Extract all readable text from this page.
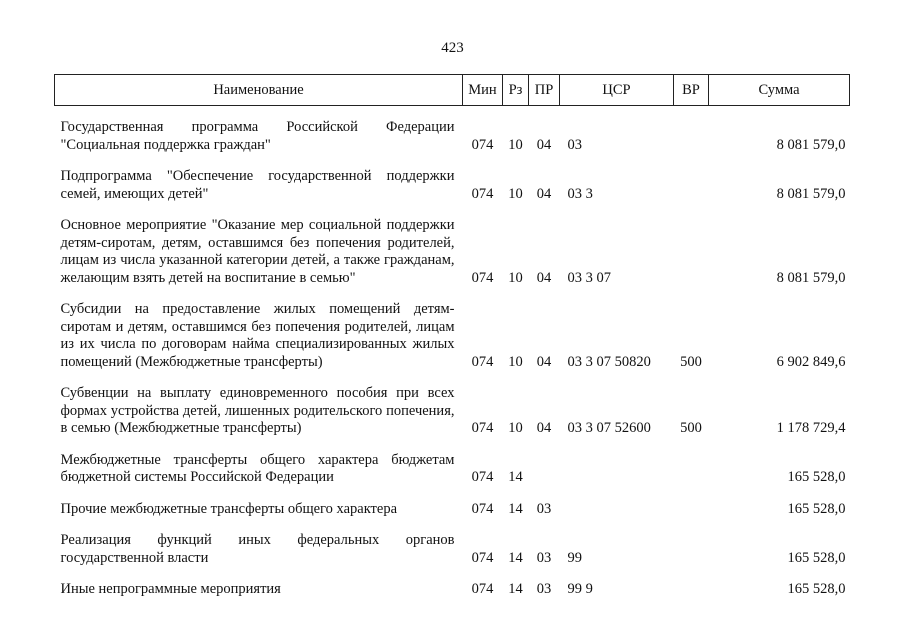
423
Наименование	Мин	Рз	ПР	ЦСР	ВР	Сумма
Государственная программа Российской Федерации "Социальная поддержка граждан"	074	10	04	03		8 081 579,0
Подпрограмма "Обеспечение государственной поддержки семей, имеющих детей"	074	10	04	03 3		8 081 579,0
Основное мероприятие "Оказание мер социальной поддержки детям-сиротам, детям, оставшимся без попечения родителей, лицам из числа указанной категории детей, а также гражданам, желающим взять детей на воспитание в семью"	074	10	04	03 3 07		8 081 579,0
Субсидии на предоставление жилых помещений детям-сиротам и детям, оставшимся без попечения родителей, лицам из их числа по договорам найма специализированных жилых помещений (Межбюджетные трансферты)	074	10	04	03 3 07 50820	500	6 902 849,6
Субвенции на выплату единовременного пособия при всех формах устройства детей, лишенных родительского попечения, в семью (Межбюджетные трансферты)	074	10	04	03 3 07 52600	500	1 178 729,4
Межбюджетные трансферты общего характера бюджетам бюджетной системы Российской Федерации	074	14				165 528,0
Прочие межбюджетные трансферты общего характера	074	14	03			165 528,0
Реализация функций иных федеральных органов государственной власти	074	14	03	99		165 528,0
Иные непрограммные мероприятия	074	14	03	99 9		165 528,0
